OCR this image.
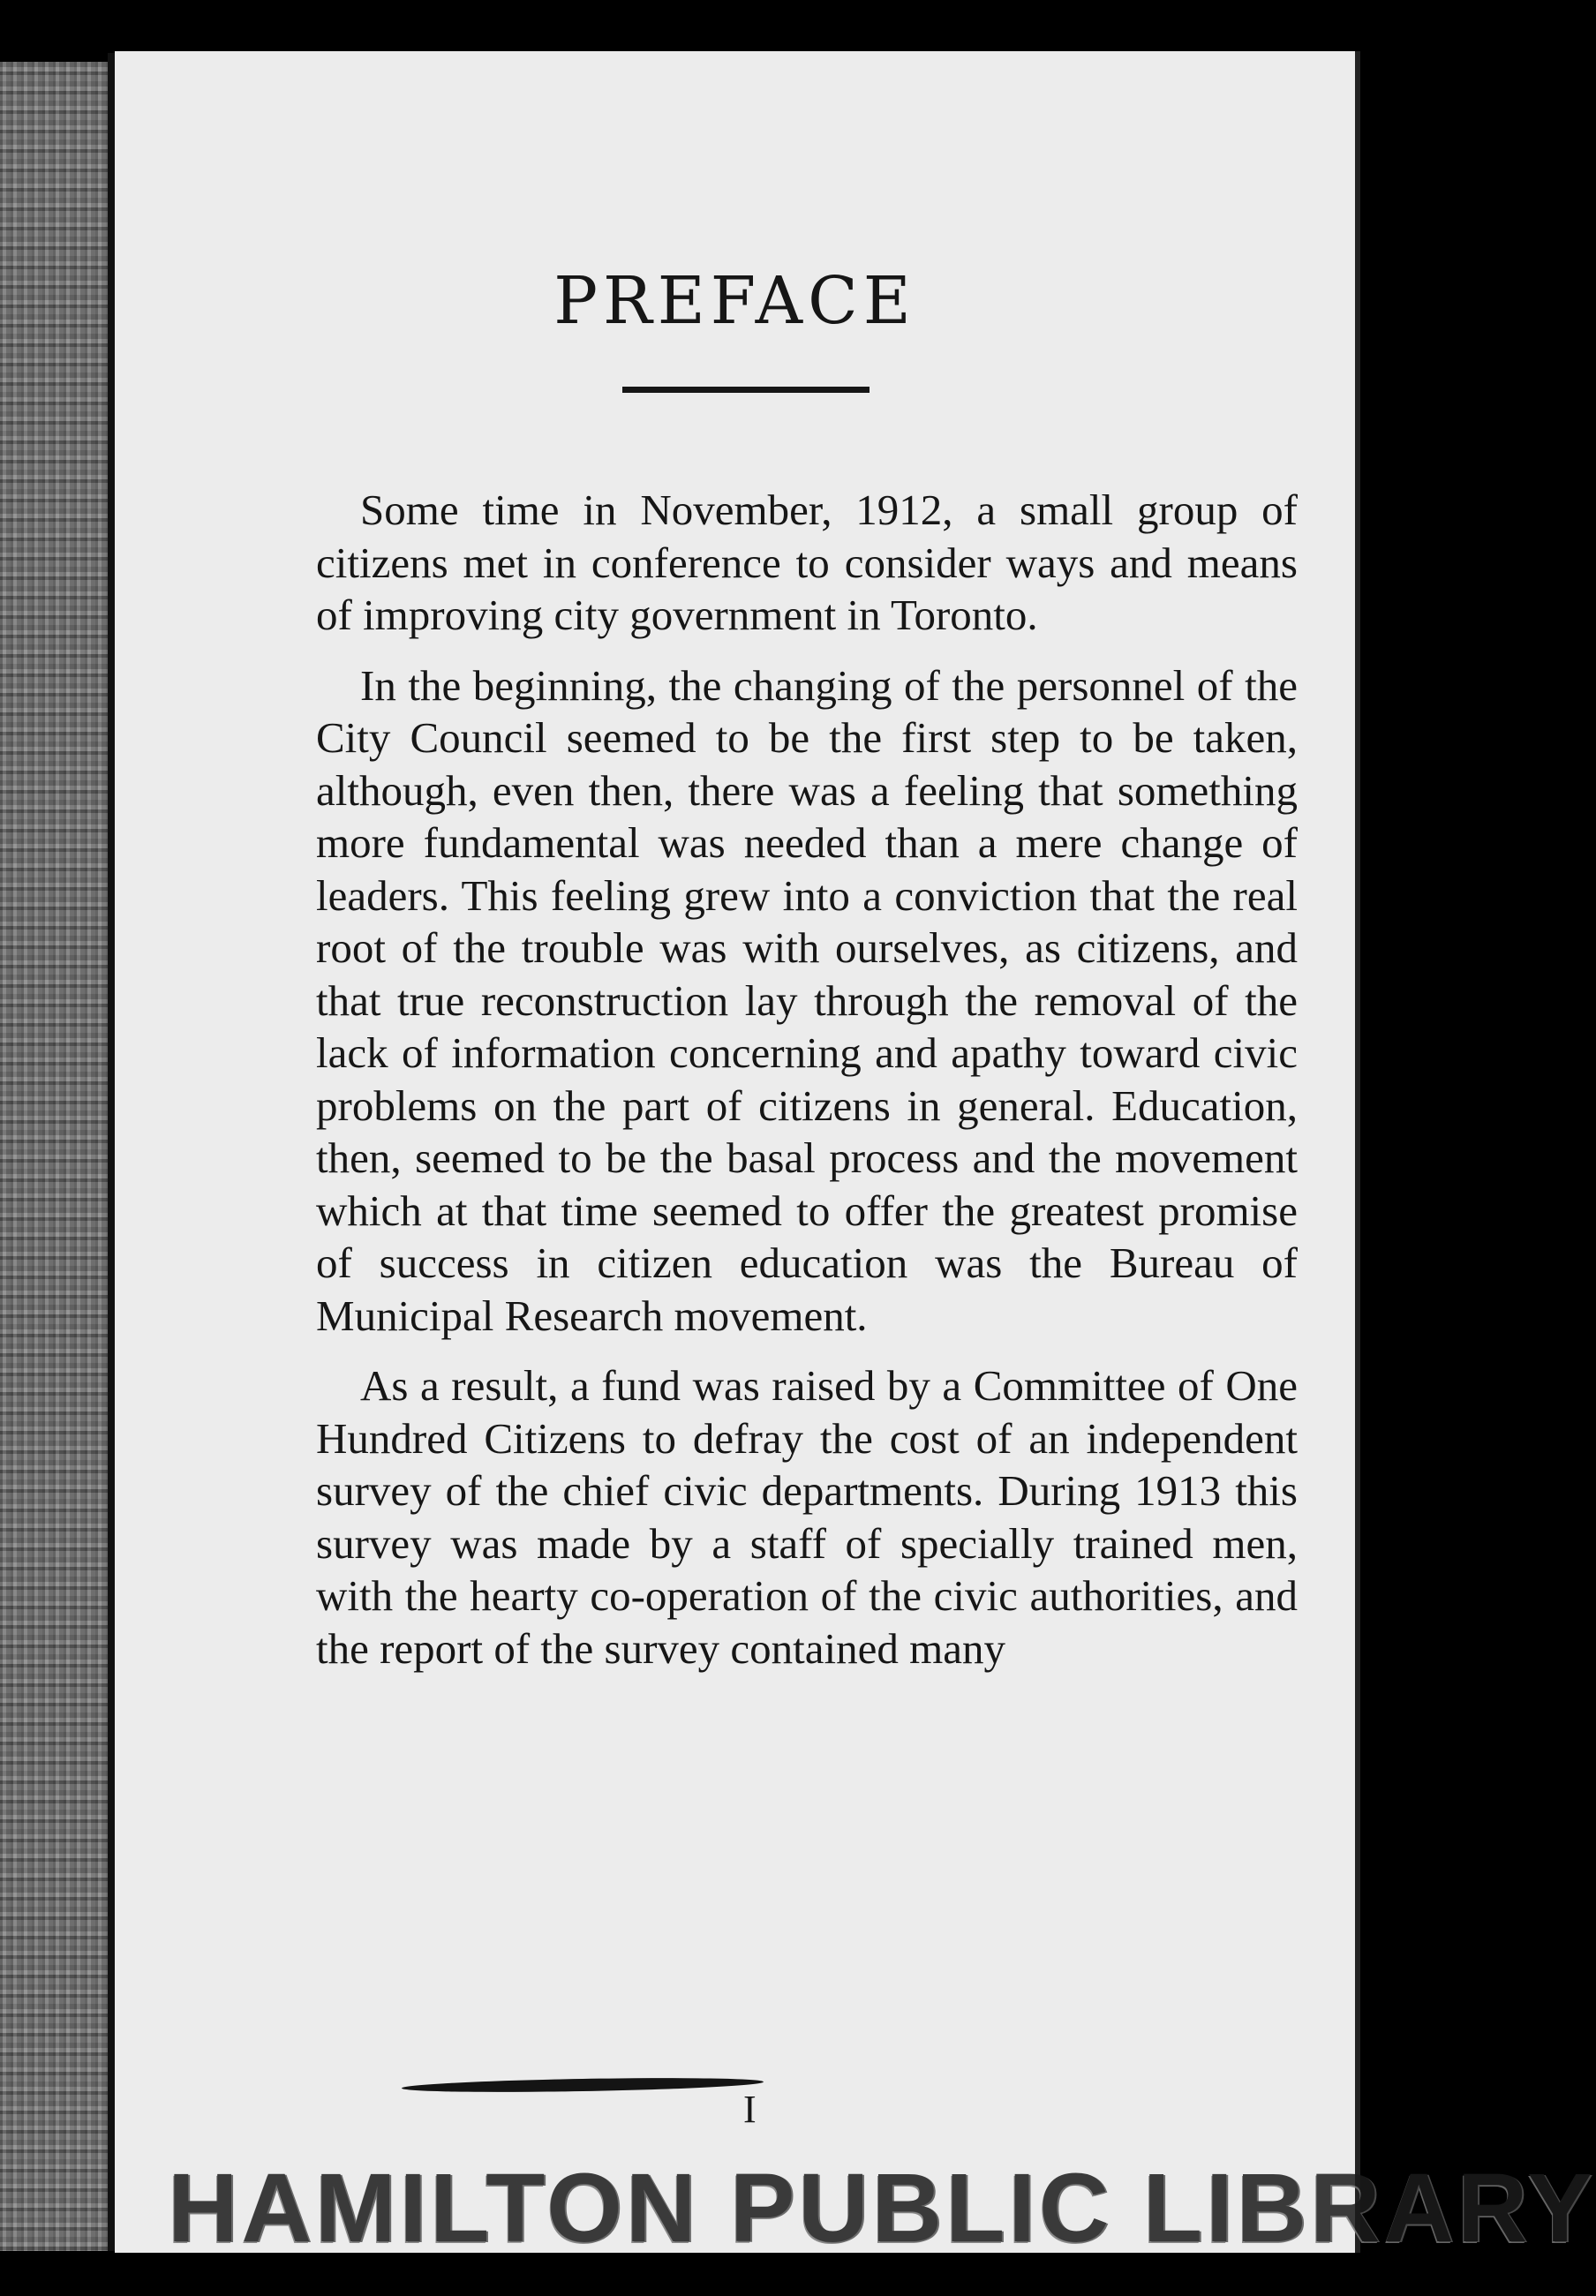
PREFACE

Some time in November, 1912, a small group of citizens met in conference to consider ways and means of improving city government in Toronto.

In the beginning, the changing of the personnel of the City Council seemed to be the first step to be taken, although, even then, there was a feeling that something more fundamental was needed than a mere change of leaders. This feeling grew into a conviction that the real root of the trouble was with ourselves, as citizens, and that true reconstruction lay through the removal of the lack of information concerning and apathy toward civic problems on the part of citizens in general. Education, then, seemed to be the basal process and the movement which at that time seemed to offer the greatest promise of success in citizen education was the Bureau of Municipal Research movement.

As a result, a fund was raised by a Committee of One Hundred Citizens to defray the cost of an independent survey of the chief civic departments. During 1913 this survey was made by a staff of specially trained men, with the hearty co-operation of the civic authorities, and the report of the survey contained many

I
HAMILTON PUBLIC LIBRARY
